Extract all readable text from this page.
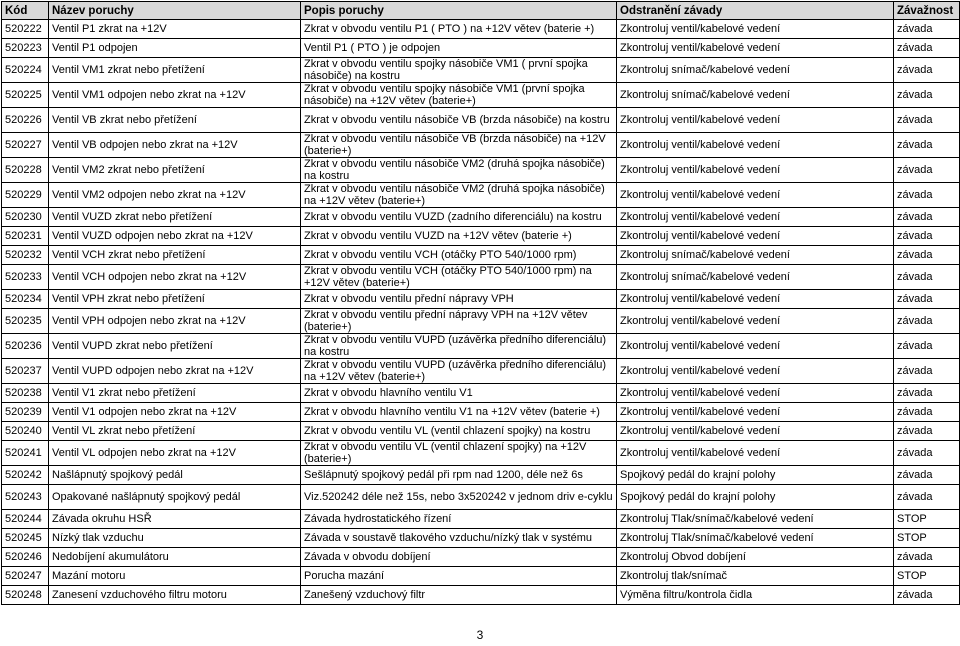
Kód	Název poruchy	Popis poruchy	Odstranění závady	Závažnost
520222	Ventil P1 zkrat na +12V	Zkrat v obvodu ventilu P1 ( PTO ) na +12V větev (baterie +)	Zkontroluj ventil/kabelové vedení	závada
520223	Ventil P1 odpojen	Ventil P1 ( PTO ) je odpojen	Zkontroluj ventil/kabelové vedení	závada
520224	Ventil VM1 zkrat nebo přetížení	Zkrat v obvodu ventilu spojky násobiče VM1 ( první spojka násobiče) na kostru	Zkontroluj snímač/kabelové vedení	závada
520225	Ventil VM1 odpojen nebo zkrat na +12V	Zkrat v obvodu ventilu spojky násobiče VM1 (první spojka násobiče) na +12V větev (baterie+)	Zkontroluj snímač/kabelové vedení	závada
520226	Ventil VB zkrat nebo přetížení	Zkrat v obvodu ventilu násobiče VB (brzda násobiče) na kostru	Zkontroluj ventil/kabelové vedení	závada
520227	Ventil VB odpojen nebo zkrat na +12V	Zkrat v obvodu ventilu násobiče VB (brzda násobiče) na +12V (baterie+)	Zkontroluj ventil/kabelové vedení	závada
520228	Ventil VM2 zkrat nebo přetížení	Zkrat v obvodu ventilu násobiče VM2 (druhá spojka násobiče) na kostru	Zkontroluj ventil/kabelové vedení	závada
520229	Ventil VM2 odpojen nebo zkrat na +12V	Zkrat v obvodu ventilu násobiče VM2 (druhá spojka násobiče) na +12V větev (baterie+)	Zkontroluj ventil/kabelové vedení	závada
520230	Ventil VUZD zkrat nebo přetížení	Zkrat v obvodu ventilu VUZD (zadního diferenciálu) na kostru	Zkontroluj ventil/kabelové vedení	závada
520231	Ventil VUZD odpojen nebo zkrat na +12V	Zkrat v obvodu ventilu VUZD na +12V větev (baterie +)	Zkontroluj ventil/kabelové vedení	závada
520232	Ventil VCH zkrat nebo přetížení	Zkrat v obvodu ventilu VCH (otáčky PTO 540/1000 rpm)	Zkontroluj snímač/kabelové vedení	závada
520233	Ventil VCH odpojen nebo zkrat na +12V	Zkrat v obvodu ventilu VCH (otáčky PTO 540/1000 rpm) na +12V větev (baterie+)	Zkontroluj snímač/kabelové vedení	závada
520234	Ventil VPH zkrat nebo přetížení	Zkrat v obvodu ventilu přední nápravy VPH	Zkontroluj ventil/kabelové vedení	závada
520235	Ventil VPH odpojen nebo zkrat na +12V	Zkrat v obvodu ventilu přední nápravy VPH na +12V větev (baterie+)	Zkontroluj ventil/kabelové vedení	závada
520236	Ventil VUPD zkrat nebo přetížení	Zkrat v obvodu ventilu VUPD (uzávěrka předního diferenciálu) na kostru	Zkontroluj ventil/kabelové vedení	závada
520237	Ventil VUPD odpojen nebo zkrat na +12V	Zkrat v obvodu ventilu VUPD (uzávěrka předního diferenciálu) na +12V větev (baterie+)	Zkontroluj ventil/kabelové vedení	závada
520238	Ventil V1 zkrat nebo přetížení	Zkrat v obvodu hlavního ventilu V1	Zkontroluj ventil/kabelové vedení	závada
520239	Ventil V1 odpojen nebo zkrat na +12V	Zkrat v obvodu hlavního ventilu V1 na +12V větev (baterie +)	Zkontroluj ventil/kabelové vedení	závada
520240	Ventil VL zkrat nebo přetížení	Zkrat v obvodu ventilu VL (ventil chlazení spojky) na kostru	Zkontroluj ventil/kabelové vedení	závada
520241	Ventil VL odpojen nebo zkrat na +12V	Zkrat v obvodu ventilu VL (ventil chlazení spojky) na +12V (baterie+)	Zkontroluj ventil/kabelové vedení	závada
520242	Našlápnutý spojkový pedál	Sešlápnutý spojkový pedál při rpm nad 1200, déle než 6s	Spojkový pedál do krajní polohy	závada
520243	Opakované našlápnutý spojkový pedál	Viz.520242 déle než 15s, nebo 3x520242 v jednom driv e-cyklu	Spojkový pedál do krajní polohy	závada
520244	Závada okruhu HSŘ	Závada hydrostatického řízení	Zkontroluj Tlak/snímač/kabelové vedení	STOP
520245	Nízký tlak vzduchu	Závada v soustavě tlakového vzduchu/nízký tlak v systému	Zkontroluj Tlak/snímač/kabelové vedení	STOP
520246	Nedobíjení akumulátoru	Závada v obvodu dobíjení	Zkontroluj Obvod dobíjení	závada
520247	Mazání motoru	Porucha mazání	Zkontroluj tlak/snímač	STOP
520248	Zanesení vzduchového filtru motoru	Zanešený vzduchový filtr	Výměna filtru/kontrola čidla	závada
3
